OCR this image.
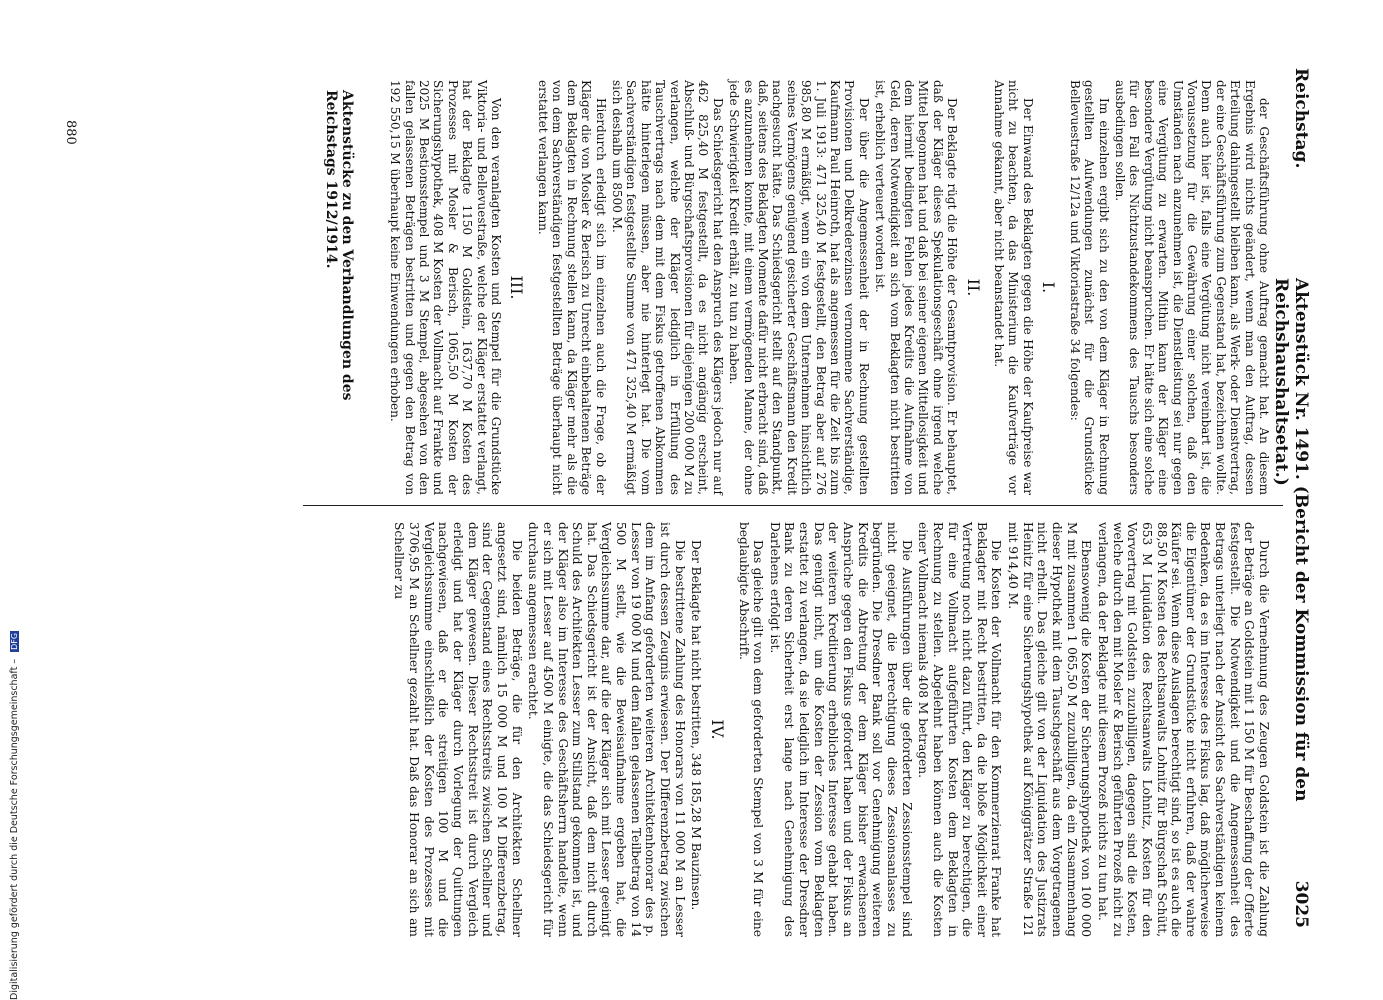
Reichstag.
Aktenstück Nr. 1491. (Bericht der Kommission für den Reichshaushaltsetat.)
3025

der Geschäftsführung ohne Auftrag gemacht hat. An diesem Ergebnis wird nichts geändert, wenn man den Auftrag, dessen Erteilung dahingestellt bleiben kann, als Werk- oder Dienstvertrag, der eine Geschäftsführung zum Gegenstand hat, bezeichnen wollte. Denn auch hier ist, falls eine Vergütung nicht vereinbart ist, die Voraussetzung für die Gewährung einer solchen, daß den Umständen nach anzunehmen ist, die Dienstleistung sei nur gegen eine Vergütung zu erwarten. Mithin kann der Kläger eine besondere Vergütung nicht beanspruchen. Er hätte sich eine solche für den Fall des Nichtzustandekommens des Tauschs besonders ausbedingen sollen.

Im einzelnen ergibt sich zu den von dem Kläger in Rechnung gestellten Aufwendungen zunächst für die Grundstücke Bellevuestraße 12/12a und Viktoriastraße 34 folgendes:

I.

Der Einwand des Beklagten gegen die Höhe der Kaufpreise war nicht zu beachten, da das Ministerium die Kaufverträge vor Annahme gekannt, aber nicht beanstandet hat.

II.

Der Beklagte rügt die Höhe der Gesamtprovision. Er behauptet, daß der Kläger dieses Spekulationsgeschäft ohne irgend welche Mittel begonnen hat und daß bei seiner eigenen Mittellosigkeit und dem hiermit bedingten Fehlen jedes Kredits die Aufnahme von Geld, deren Notwendigkeit an sich vom Beklagten nicht bestritten ist, erheblich verteuert worden ist.

Der über die Angemessenheit der in Rechnung gestellten Provisionen und Delkrederezinsen vernommene Sachverständige, Kaufmann Paul Heinroth, hat als angemessen für die Zeit bis zum 1. Juli 1913: 471 325,40 M festgestellt, den Betrag aber auf 276 985,80 M ermäßigt, wenn ein von dem Unternehmen hinsichtlich seines Vermögens genügend gesicherter Geschäftsmann den Kredit nachgesucht hätte. Das Schiedsgericht stellt auf den Standpunkt, daß, seitens des Beklagten Momente dafür nicht erbracht sind, daß es anzunehmen konnte, mit einem vermögenden Manne, der ohne jede Schwierigkeit Kredit erhält, zu tun zu haben.

Das Schiedsgericht hat den Anspruch des Klägers jedoch nur auf 462 825,40 M festgestellt, da es nicht angängig erscheint, Abschluß- und Bürgschaftsprovisionen für diejenigen 200 000 M zu verlangen, welche der Kläger lediglich in Erfüllung des Tauschvertrags nach dem mit dem Fiskus getroffenen Abkommen hätte hinterlegen müssen, aber nie hinterlegt hat. Die vom Sachverständigen festgestellte Summe von 471 325,40 M ermäßigt sich deshalb um 8500 M.

Hierdurch erledigt sich im einzelnen auch die Frage, ob der Kläger die von Mosler & Berisch zu Unrecht einbehaltenen Beträge dem Beklagten in Rechnung stellen kann, da Kläger mehr als die von dem Sachverständigen festgestellten Beträge überhaupt nicht erstattet verlangen kann.

III.

Von den veranlagten Kosten und Stempel für die Grundstücke Viktoria- und Bellevuestraße, welche der Kläger erstattet verlangt, hat der Beklagte 1150 M Goldstein, 1637,70 M Kosten des Prozesses mit Mosler & Berisch, 1065,50 M Kosten der Sicherungshypothek, 408 M Kosten der Vollmacht auf Frankte und 2025 M Bestionsstempel und 3 M Stempel, abgesehen von den fallen gelassenen Beträgen bestritten und gegen den Betrag von 192 550,15 M überhaupt keine Einwendungen erhoben.

Durch die Vernehmung des Zeugen Goldstein ist die Zahlung der Beträge an Goldstein mit 1 150 M für Beschaffung der Offerte festgestellt. Die Notwendigkeit und die Angemessenheit des Betrags unterliegt nach der Ansicht des Sachverständigen keinem Bedenken, da es im Interesse des Fiskus lag, daß möglicherweise die Eigentümer der Grundstücke nicht erfuhren, daß der wahre Käufer sei. Wenn diese Auslagen berechtigt sind, so ist es auch die 88,50 M Kosten des Rechtsanwalts Lohnitz für Bürgschaft Schütt, 653 M Liquidation des Rechtsanwalts Lohnitz, Kosten für den Vorvertrag mit Goldstein zuzubilligen, dagegen sind die Kosten, welche durch den mit Mosler & Berisch geführten Prozeß nicht zu verlangen, da der Beklagte mit diesem Prozeß nichts zu tun hat.

Ebensowenig die Kosten der Sicherungshypothek von 100 000 M mit zusammen 1 065,50 M zuzubilligen, da ein Zusammenhang dieser Hypothek mit dem Tauschgeschäft aus dem Vorgetragenen nicht erhellt. Das gleiche gilt von der Liquidation des Justizrats Heinitz für eine Sicherungshypothek auf Königgrätzer Straße 121 mit 914,40 M.

Die Kosten der Vollmacht für den Kommerzienrat Franke hat Beklagter mit Recht bestritten, da die bloße Möglichkeit einer Vertretung noch nicht dazu führt, den Kläger zu berechtigen, die für eine Vollmacht aufgeführten Kosten dem Beklagten in Rechnung zu stellen. Abgelehnt haben können auch die Kosten einer Vollmacht niemals 408 M betragen.

Die Ausführungen über die geforderten Zessionsstempel sind nicht geeignet, die Berechtigung dieses Zessionsanlasses zu begründen. Die Dresdner Bank soll vor Genehmigung weiteren Kredits die Abtretung der dem Kläger bisher erwachsenen Ansprüche gegen den Fiskus gefordert haben und der Fiskus an der weiteren Kreditierung erhebliches Interesse gehabt haben. Das genügt nicht, um die Kosten der Zession vom Beklagten erstattet zu verlangen, da sie lediglich im Interesse der Dresdner Bank zu deren Sicherheit erst lange nach Genehmigung des Darlehens erfolgt ist.

Das gleiche gilt von dem geforderten Stempel von 3 M für eine beglaubigte Abschrift.

IV.

Der Beklagte hat nicht bestritten, 348 185,28 M Bauzinsen.

Die bestrittene Zahlung des Honorars von 11 000 M an Lesser ist durch dessen Zeugnis erwiesen. Der Differenzbetrag zwischen dem im Anfang geforderten weiteren Architektenhonorar des p. Lesser von 19 000 M und dem fallen gelassenen Teilbetrag von 14 500 M stellt, wie die Beweisaufnahme ergeben hat, die Vergleichssumme dar, auf die der Kläger sich mit Lesser geeinigt hat. Das Schiedsgericht ist der Ansicht, daß dem nicht durch Schuld des Architekten Lesser zum Stillstand gekommen ist, und der Kläger also im Interesse des Geschäftsherrn handelte, wenn er sich mit Lesser auf 4500 M einigte, die das Schiedsgericht für durchaus angemessen erachtet.

Die beiden Beträge, die für den Architekten Schellner angesetzt sind, nämlich 15 000 M und 100 M Differenzbetrag, sind der Gegenstand eines Rechtsstreits zwischen Schellner und dem Kläger gewesen. Dieser Rechtsstreit ist durch Vergleich erledigt und hat der Kläger durch Vorlegung der Quittungen nachgewiesen, daß er die streitigen 100 M und die Vergleichssumme einschließlich der Kosten des Prozesses mit 3706,95 M an Schellner gezahlt hat. Daß das Honorar an sich am Schellner zu

Aktenstücke zu den Verhandlungen des Reichstags 1912/1914.
880
Digitalisierung gefördert durch die Deutsche Forschungsgemeinschaft – DFG
